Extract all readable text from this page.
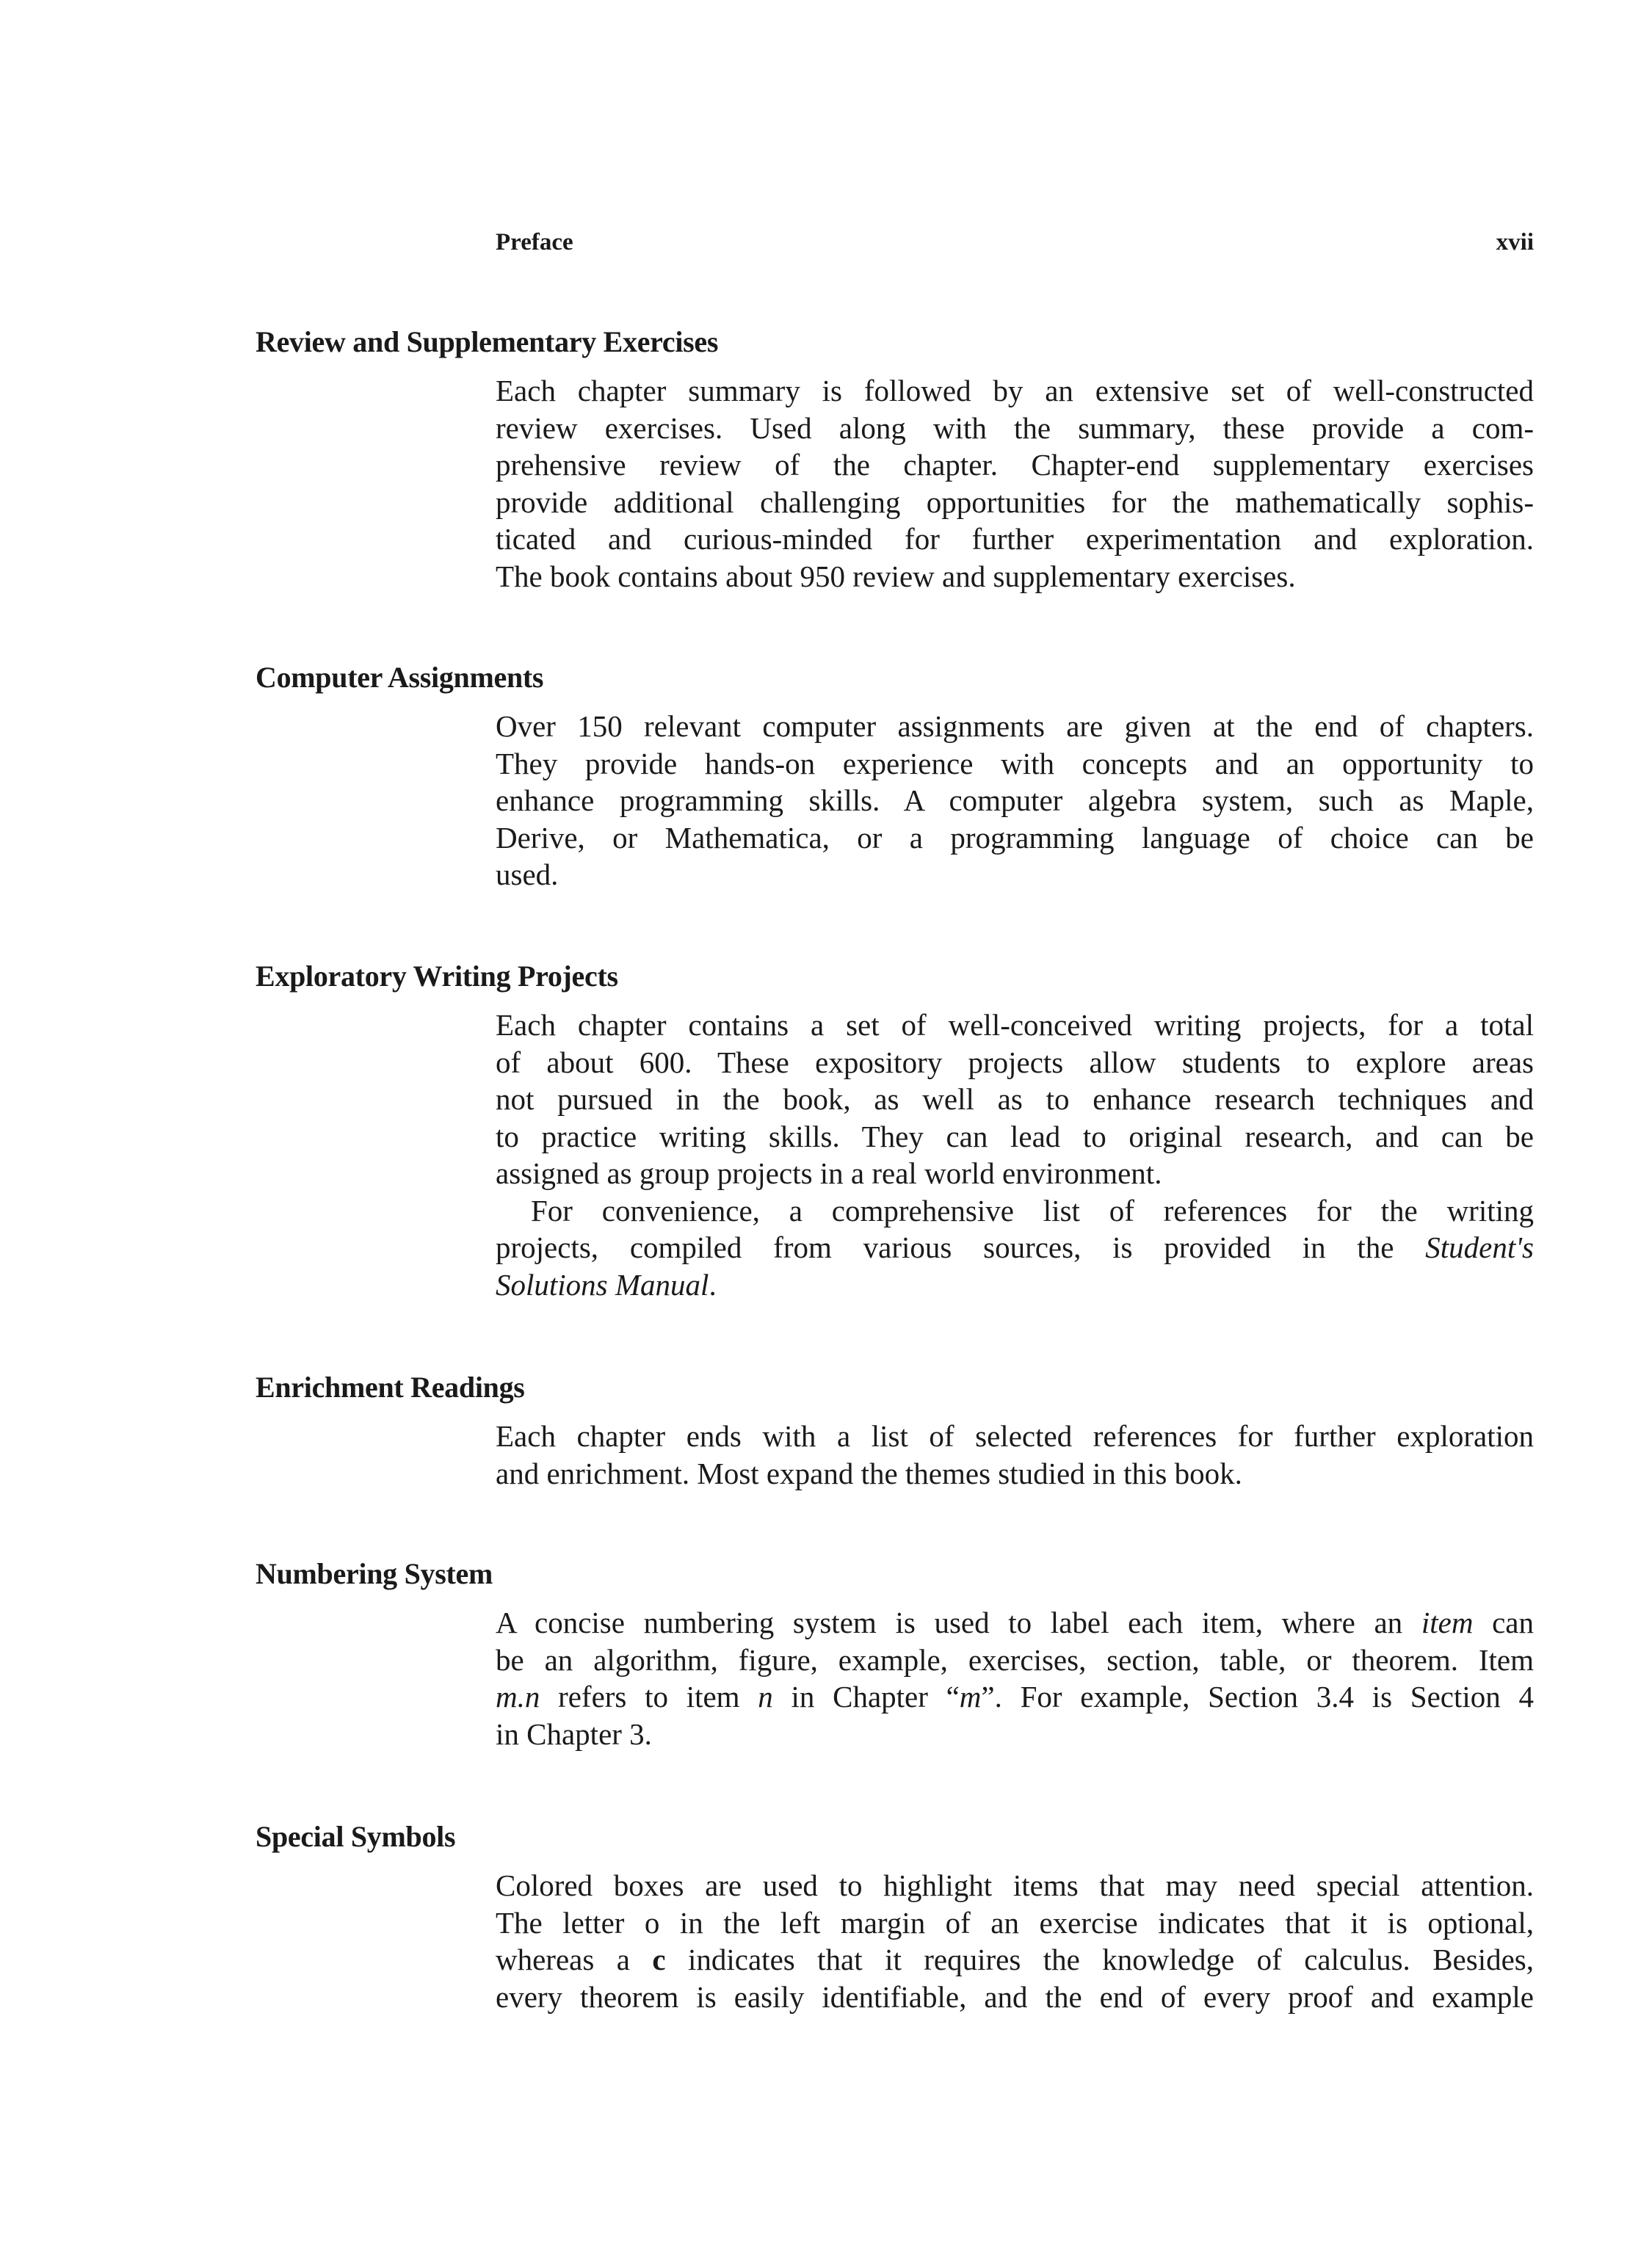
Preface	xvii
Review and Supplementary Exercises
Each chapter summary is followed by an extensive set of well-constructed
review exercises. Used along with the summary, these provide a com-
prehensive review of the chapter. Chapter-end supplementary exercises
provide additional challenging opportunities for the mathematically sophis-
ticated and curious-minded for further experimentation and exploration.
The book contains about 950 review and supplementary exercises.
Computer Assignments
Over 150 relevant computer assignments are given at the end of chapters.
They provide hands-on experience with concepts and an opportunity to
enhance programming skills. A computer algebra system, such as Maple,
Derive, or Mathematica, or a programming language of choice can be
used.
Exploratory Writing Projects
Each chapter contains a set of well-conceived writing projects, for a total
of about 600. These expository projects allow students to explore areas
not pursued in the book, as well as to enhance research techniques and
to practice writing skills. They can lead to original research, and can be
assigned as group projects in a real world environment.
For convenience, a comprehensive list of references for the writing
projects, compiled from various sources, is provided in the Student's
Solutions Manual.
Enrichment Readings
Each chapter ends with a list of selected references for further exploration
and enrichment. Most expand the themes studied in this book.
Numbering System
A concise numbering system is used to label each item, where an item can
be an algorithm, figure, example, exercises, section, table, or theorem. Item
m.n refers to item n in Chapter “m”. For example, Section 3.4 is Section 4
in Chapter 3.
Special Symbols
Colored boxes are used to highlight items that may need special attention.
The letter o in the left margin of an exercise indicates that it is optional,
whereas a c indicates that it requires the knowledge of calculus. Besides,
every theorem is easily identifiable, and the end of every proof and example
